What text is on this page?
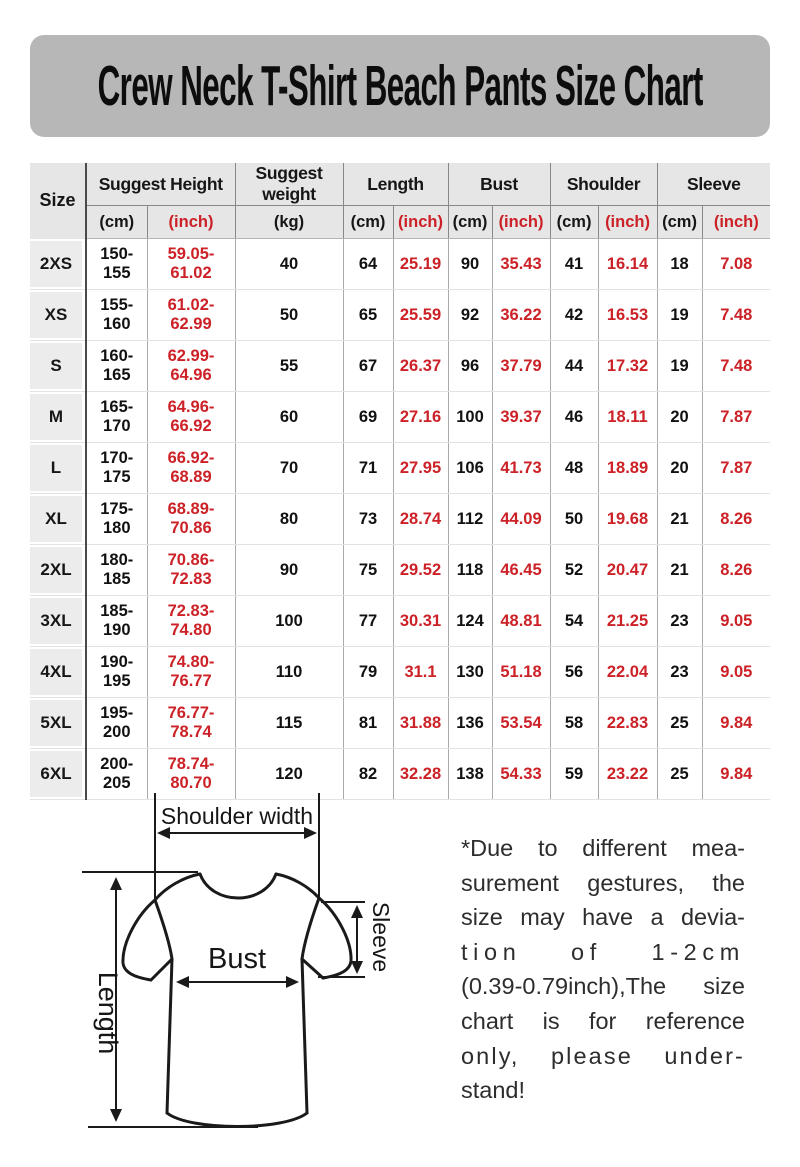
Crew Neck T-Shirt Beach Pants Size Chart
Size	Suggest Height		Suggest weight	Length		Bust		Shoulder		Sleeve	
	(cm)	(inch)	(kg)	(cm)	(inch)	(cm)	(inch)	(cm)	(inch)	(cm)	(inch)

2XS	150-155	59.05-61.02	40	64	25.19	90	35.43	41	16.14	18	7.08

XS	155-160	61.02-62.99	50	65	25.59	92	36.22	42	16.53	19	7.48

S	160-165	62.99-64.96	55	67	26.37	96	37.79	44	17.32	19	7.48

M	165-170	64.96-66.92	60	69	27.16	100	39.37	46	18.11	20	7.87

L	170-175	66.92-68.89	70	71	27.95	106	41.73	48	18.89	20	7.87

XL	175-180	68.89-70.86	80	73	28.74	112	44.09	50	19.68	21	8.26

2XL	180-185	70.86-72.83	90	75	29.52	118	46.45	52	20.47	21	8.26

3XL	185-190	72.83-74.80	100	77	30.31	124	48.81	54	21.25	23	9.05

4XL	190-195	74.80-76.77	110	79	31.1	130	51.18	56	22.04	23	9.05

5XL	195-200	76.77-78.74	115	81	31.88	136	53.54	58	22.83	25	9.84

6XL	200-205	78.74-80.70	120	82	32.28	138	54.33	59	23.22	25	9.84
Shoulder width
Length
Bust	Sleeve
*Due to different mea-
surement gestures, the
size may have a devia-
tion of 1-2cm
(0.39-0.79inch),The size
chart is for reference
only, please under-
stand!
